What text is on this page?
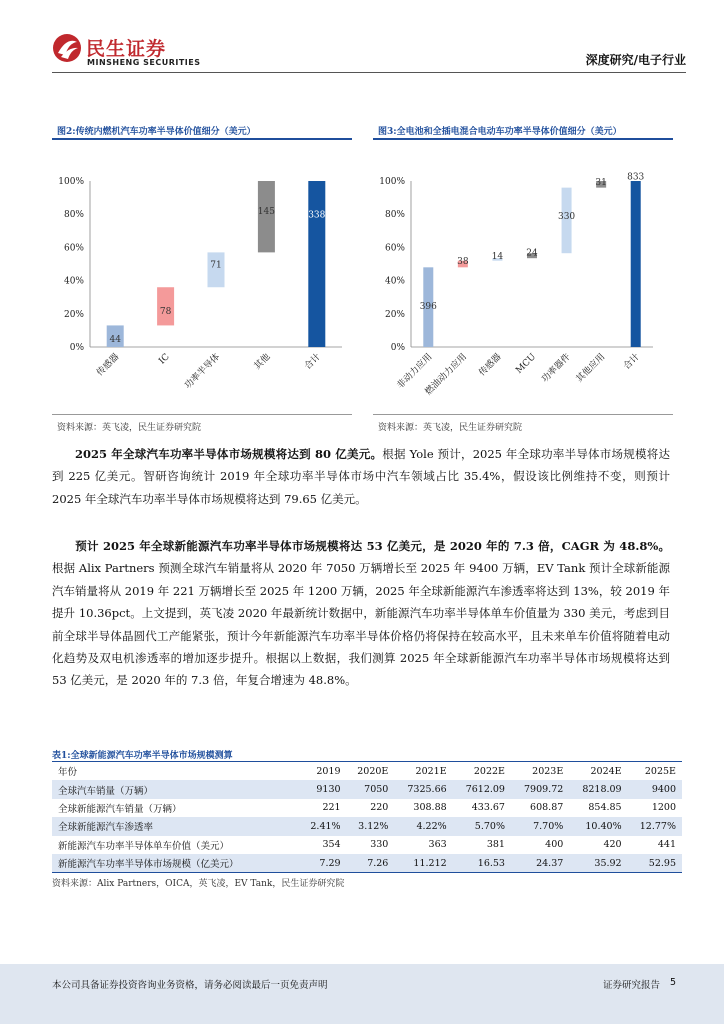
民生证券
MINSHENG SECURITIES	深度研究/电子行业
图2:传统内燃机汽车功率半导体价值细分（美元）
0%
20%
40%
60%
80%
100%
44
传感器
78
IC
71
功率半导体
145
其他
338
合计
资料来源：英飞凌，民生证券研究院
图3:全电池和全插电混合电动车功率半导体价值细分（美元）
0%
20%
40%
60%
80%
100%
396
非动力应用
38
燃油动力应用
14
传感器
24
MCU
330
功率器件
31
其他应用
833
合计
资料来源：英飞凌，民生证券研究院
2025 年全球汽车功率半导体市场规模将达到 80 亿美元。根据 Yole 预计，2025 年全球功率半导体市场规模将达到 225 亿美元。智研咨询统计 2019 年全球功率半导体市场中汽车领域占比 35.4%，假设该比例维持不变，则预计 2025 年全球汽车功率半导体市场规模将达到 79.65 亿美元。
预计 2025 年全球新能源汽车功率半导体市场规模将达 53 亿美元，是 2020 年的 7.3 倍，CAGR 为 48.8%。根据 Alix Partners 预测全球汽车销量将从 2020 年 7050 万辆增长至 2025 年 9400 万辆，EV Tank 预计全球新能源汽车销量将从 2019 年 221 万辆增长至 2025 年 1200 万辆，2025 年全球新能源汽车渗透率将达到 13%，较 2019 年提升 10.36pct。上文提到，英飞凌 2020 年最新统计数据中，新能源汽车功率半导体单车价值量为 330 美元，考虑到目前全球半导体晶圆代工产能紧张，预计今年新能源汽车功率半导体价格仍将保持在较高水平，且未来单车价值将随着电动化趋势及双电机渗透率的增加逐步提升。根据以上数据，我们测算 2025 年全球新能源汽车功率半导体市场规模将达到 53 亿美元，是 2020 年的 7.3 倍，年复合增速为 48.8%。
表1:全球新能源汽车功率半导体市场规模测算
年份	2019	2020E	2021E	2022E	2023E	2024E	2025E
全球汽车销量（万辆）	9130	7050	7325.66	7612.09	7909.72	8218.09	9400
全球新能源汽车销量（万辆）	221	220	308.88	433.67	608.87	854.85	1200
全球新能源汽车渗透率	2.41%	3.12%	4.22%	5.70%	7.70%	10.40%	12.77%
新能源汽车功率半导体单车价值（美元）	354	330	363	381	400	420	441
新能源汽车功率半导体市场规模（亿美元）	7.29	7.26	11.212	16.53	24.37	35.92	52.95
资料来源：Alix Partners，OICA，英飞凌，EV Tank，民生证券研究院
本公司具备证券投资咨询业务资格，请务必阅读最后一页免责声明	证券研究报告 5
